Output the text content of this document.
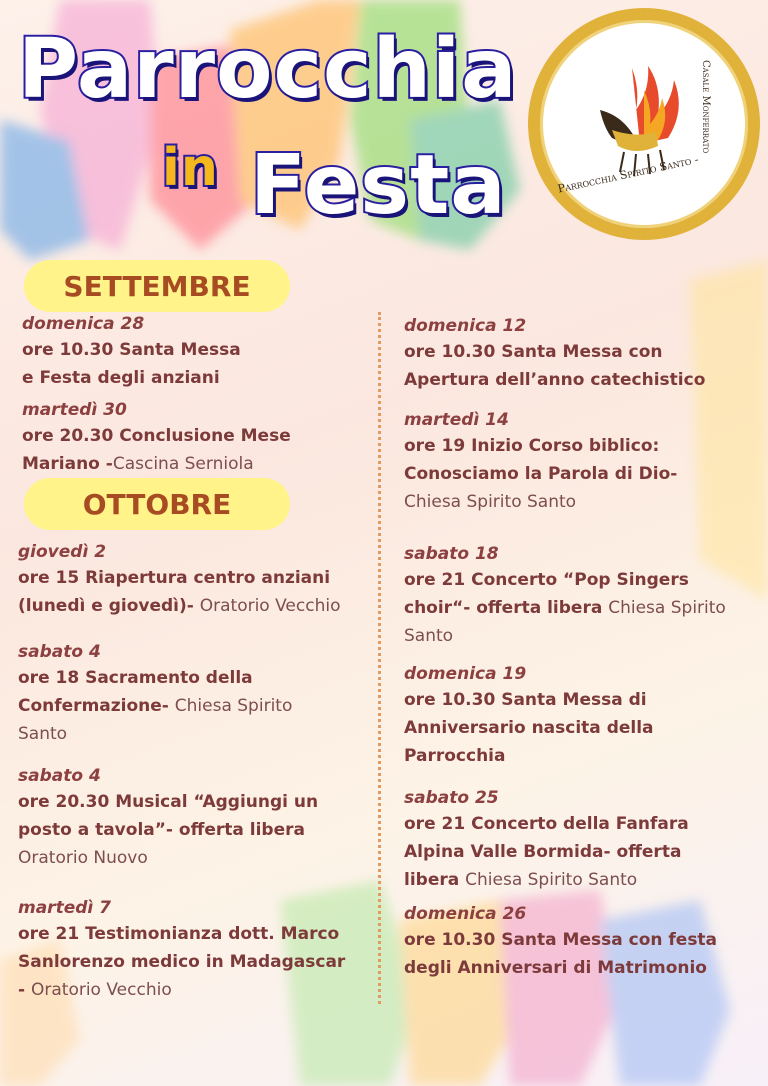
Parrocchia
in Festa	Parrocchia Spirito Santo -
Casale Monferrato
SETTEMBRE
OTTOBRE
domenica 28
ore 10.30 Santa Messa
e Festa degli anziani
martedì 30
ore 20.30 Conclusione Mese
Mariano -Cascina Serniola
giovedì 2
ore 15 Riapertura centro anziani
(lunedì e giovedì)- Oratorio Vecchio
sabato 4
ore 18 Sacramento della
Confermazione- Chiesa Spirito
Santo
sabato 4
ore 20.30 Musical “Aggiungi un
posto a tavola”- offerta libera
Oratorio Nuovo
martedì 7
ore 21 Testimonianza dott. Marco
Sanlorenzo medico in Madagascar
- Oratorio Vecchio
domenica 12
ore 10.30 Santa Messa con
Apertura dell’anno catechistico
martedì 14
ore 19 Inizio Corso biblico:
Conosciamo la Parola di Dio-
Chiesa Spirito Santo
sabato 18
ore 21 Concerto “Pop Singers
choir“- offerta libera Chiesa Spirito
Santo
domenica 19
ore 10.30 Santa Messa di
Anniversario nascita della
Parrocchia
sabato 25
ore 21 Concerto della Fanfara
Alpina Valle Bormida- offerta
libera Chiesa Spirito Santo
domenica 26
ore 10.30 Santa Messa con festa
degli Anniversari di Matrimonio
